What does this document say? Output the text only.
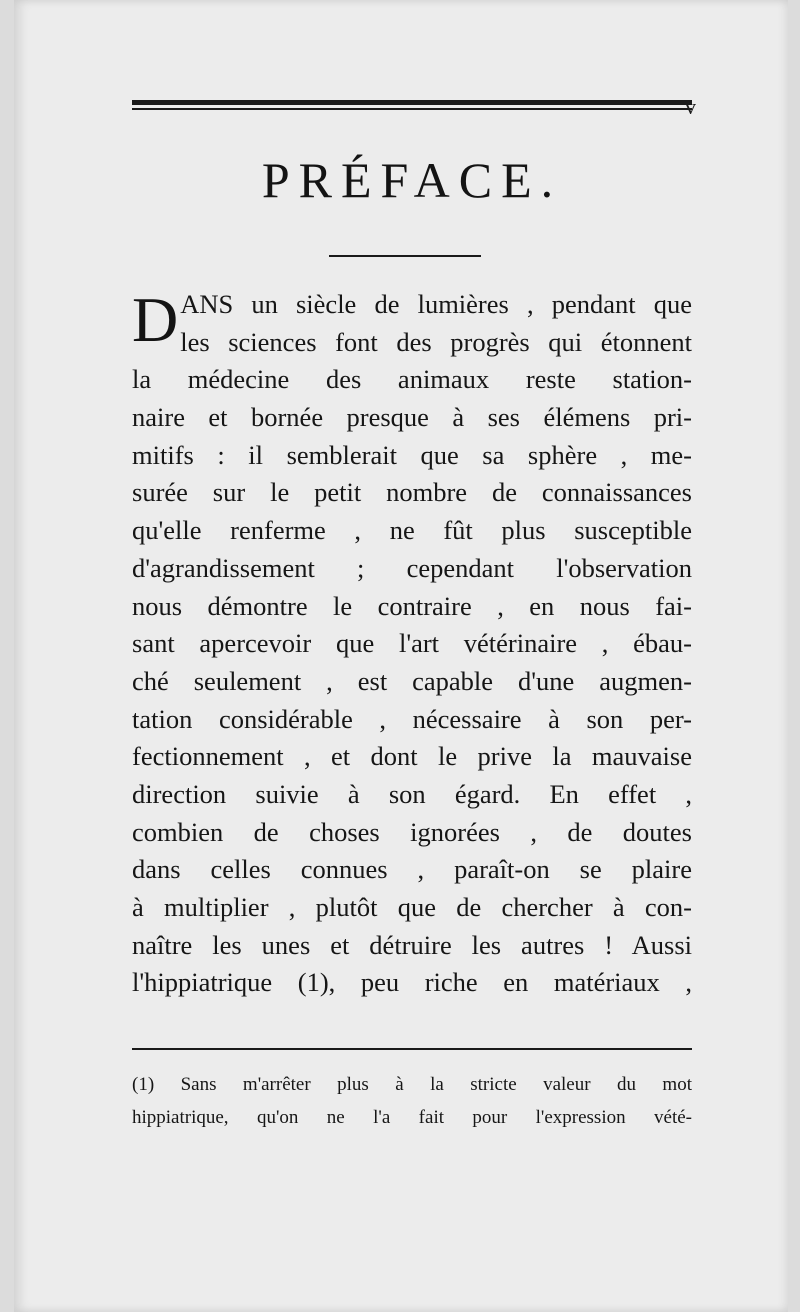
v
PRÉFACE.
D ANS un siècle de lumières , pendant que
les sciences font des progrès qui étonnent
la médecine des animaux reste station-
naire et bornée presque à ses élémens pri-
mitifs : il semblerait que sa sphère , me-
surée sur le petit nombre de connaissances
qu'elle renferme , ne fût plus susceptible
d'agrandissement ; cependant l'observation
nous démontre le contraire , en nous fai-
sant apercevoir que l'art vétérinaire , ébau-
ché seulement , est capable d'une augmen-
tation considérable , nécessaire à son per-
fectionnement , et dont le prive la mauvaise
direction suivie à son égard. En effet ,
combien de choses ignorées , de doutes
dans celles connues , paraît-on se plaire
à multiplier , plutôt que de chercher à con-
naître les unes et détruire les autres ! Aussi
l'hippiatrique (1), peu riche en matériaux ,
(1) Sans m'arrêter plus à la stricte valeur du mot
hippiatrique, qu'on ne l'a fait pour l'expression vété-
